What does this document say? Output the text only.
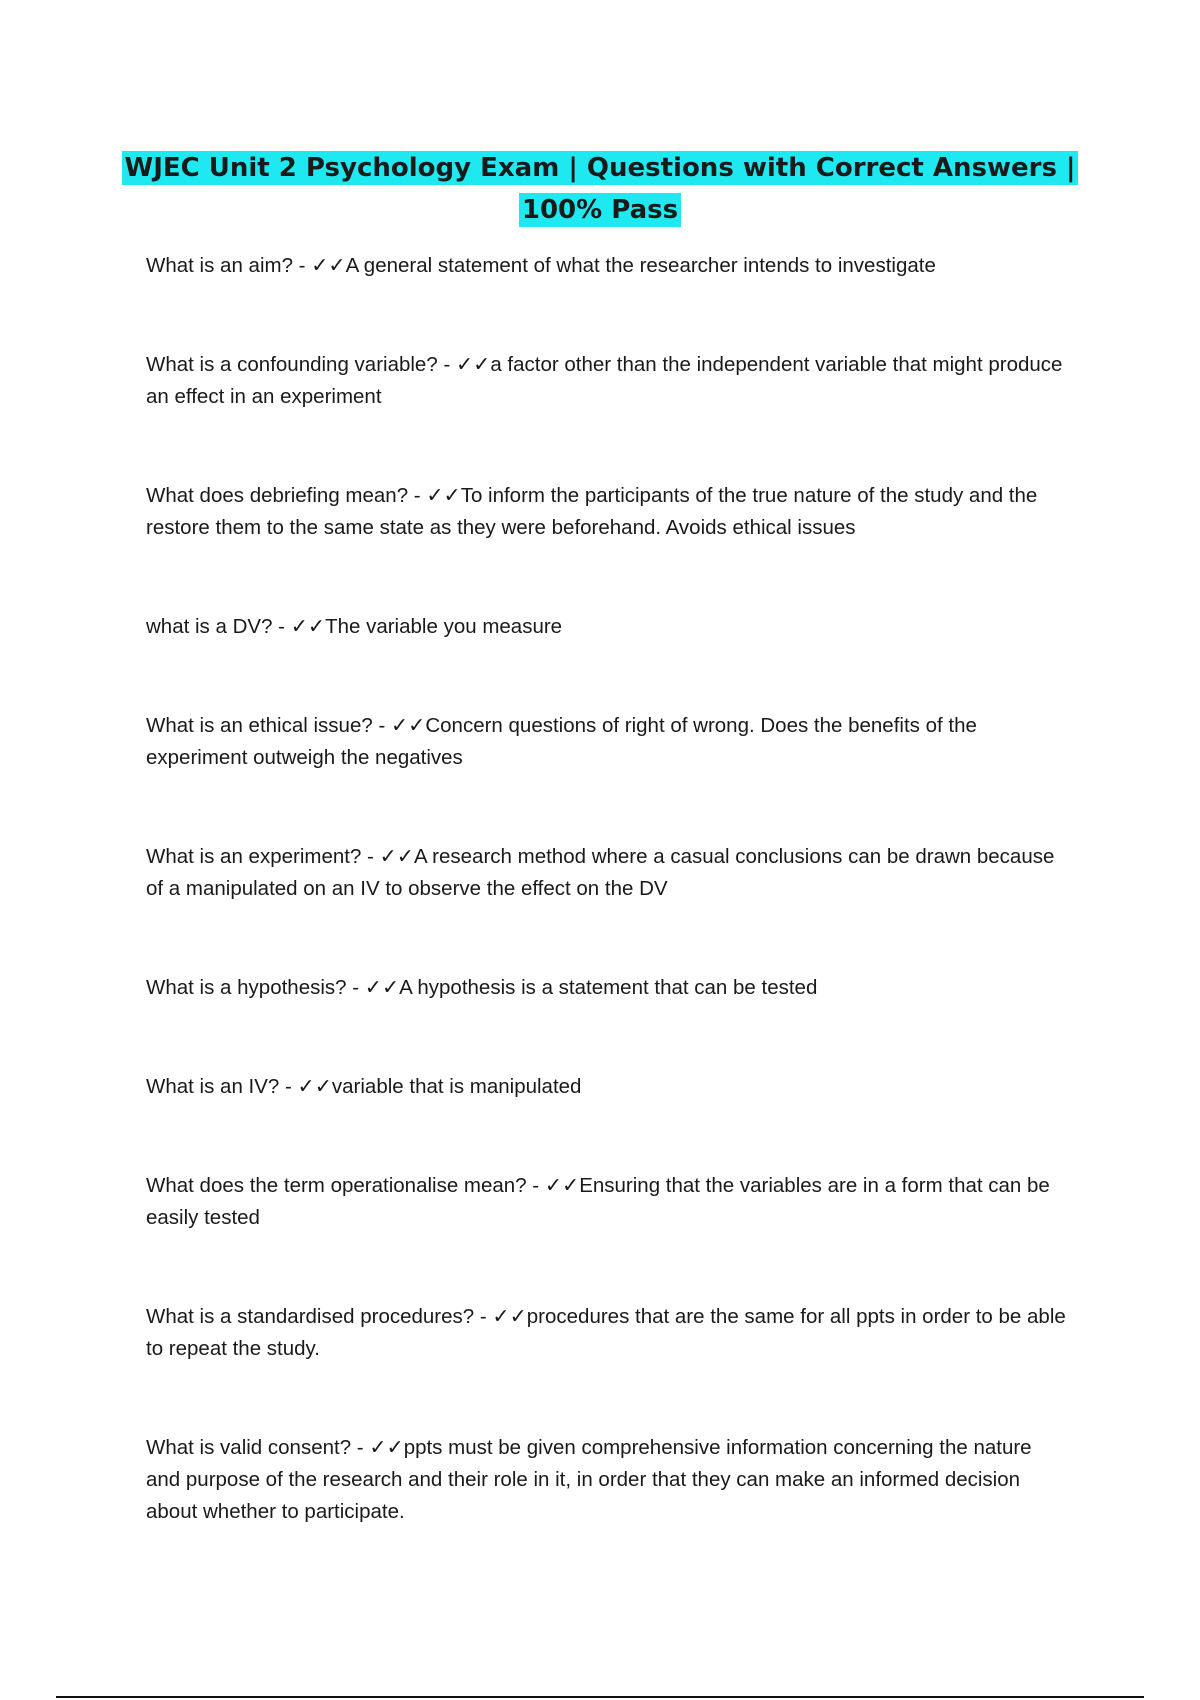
WJEC Unit 2 Psychology Exam | Questions with Correct Answers |
100% Pass

What is an aim? - ✓✓A general statement of what the researcher intends to investigate

What is a confounding variable? - ✓✓a factor other than the independent variable that might produce an effect in an experiment

What does debriefing mean? - ✓✓To inform the participants of the true nature of the study and the restore them to the same state as they were beforehand. Avoids ethical issues

what is a DV? - ✓✓The variable you measure

What is an ethical issue? - ✓✓Concern questions of right of wrong. Does the benefits of the experiment outweigh the negatives

What is an experiment? - ✓✓A research method where a casual conclusions can be drawn because of a manipulated on an IV to observe the effect on the DV

What is a hypothesis? - ✓✓A hypothesis is a statement that can be tested

What is an IV? - ✓✓variable that is manipulated

What does the term operationalise mean? - ✓✓Ensuring that the variables are in a form that can be easily tested

What is a standardised procedures? - ✓✓procedures that are the same for all ppts in order to be able to repeat the study.

What is valid consent? - ✓✓ppts must be given comprehensive information concerning the nature and purpose of the research and their role in it, in order that they can make an informed decision about whether to participate.
